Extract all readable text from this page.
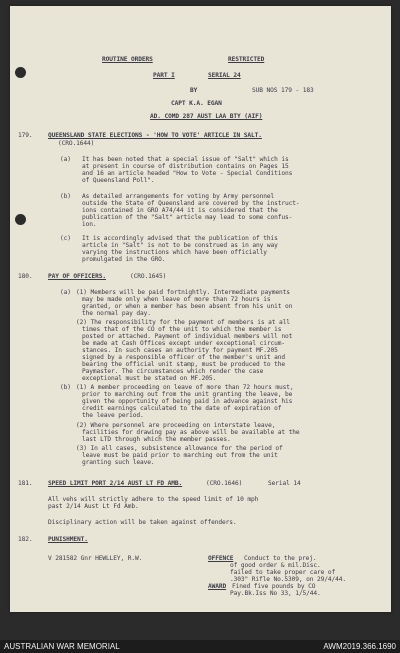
ROUTINE ORDERS	RESTRICTED
PART I	SERIAL 24
BY	SUB NOS 179 - 183
CAPT K.A. EGAN
AD. COMD 287 AUST LAA BTY (AIF)
179. QUEENSLAND STATE ELECTIONS - 'HOW TO VOTE' ARTICLE IN SALT.
(CRO.1644)
(a) It has been noted that a special issue of "Salt" which is
at present in course of distribution contains on Pages 15
and 16 an article headed "How to Vote - Special Conditions
of Queensland Poll".
(b) As detailed arrangements for voting by Army personnel
outside the State of Queensland are covered by the instruct-
ions contained in GRO A74/44 it is considered that the
publication of the "Salt" article may lead to some confus-
ion.
(c) It is accordingly advised that the publication of this
article in "Salt" is not to be construed as in any way
varying the instructions which have been officially
promulgated in the GRO.
180. PAY OF OFFICERS.	(CRO.1645)
(a) (1) Members will be paid fortnightly. Intermediate payments
may be made only when leave of more than 72 hours is
granted, or when a member has been absent from his unit on
the normal pay day.
(2) The responsibility for the payment of members is at all
times that of the CO of the unit to which the member is
posted or attached. Payment of individual members will not
be made at Cash Offices except under exceptional circum-
stances. In such cases an authority for payment MF.205
signed by a responsible officer of the member's unit and
bearing the official unit stamp, must be produced to the
Paymaster. The circumstances which render the case
exceptional must be stated on MF.205.
(b) (1) A member proceeding on leave of more than 72 hours must,
prior to marching out from the unit granting the leave, be
given the opportunity of being paid in advance against his
credit earnings calculated to the date of expiration of
the leave period.
(2) Where personnel are proceeding on interstate leave,
facilities for drawing pay as above will be available at the
last LTD through which the member passes.
(3) In all cases, subsistence allowance for the period of
leave must be paid prior to marching out from the unit
granting such leave.
181. SPEED LIMIT PORT 2/14 AUST LT FD AMB.	(CRO.1646)	Serial 14
All vehs will strictly adhere to the speed limit of 10 mph
past 2/14 Aust Lt Fd Amb.
Disciplinary action will be taken against offenders.
182. PUNISHMENT.
V 281582 Gnr HEWLLEY, R.W.	OFFENCE Conduct to the prej.
of good order & mil.Disc.
failed to take proper care of
.303" Rifle No.5309, on 29/4/44.
AWARD Fined five pounds by CO
Pay.Bk.Iss No 33, 1/5/44.
AUSTRALIAN WAR MEMORIAL	AWM2019.366.1690
